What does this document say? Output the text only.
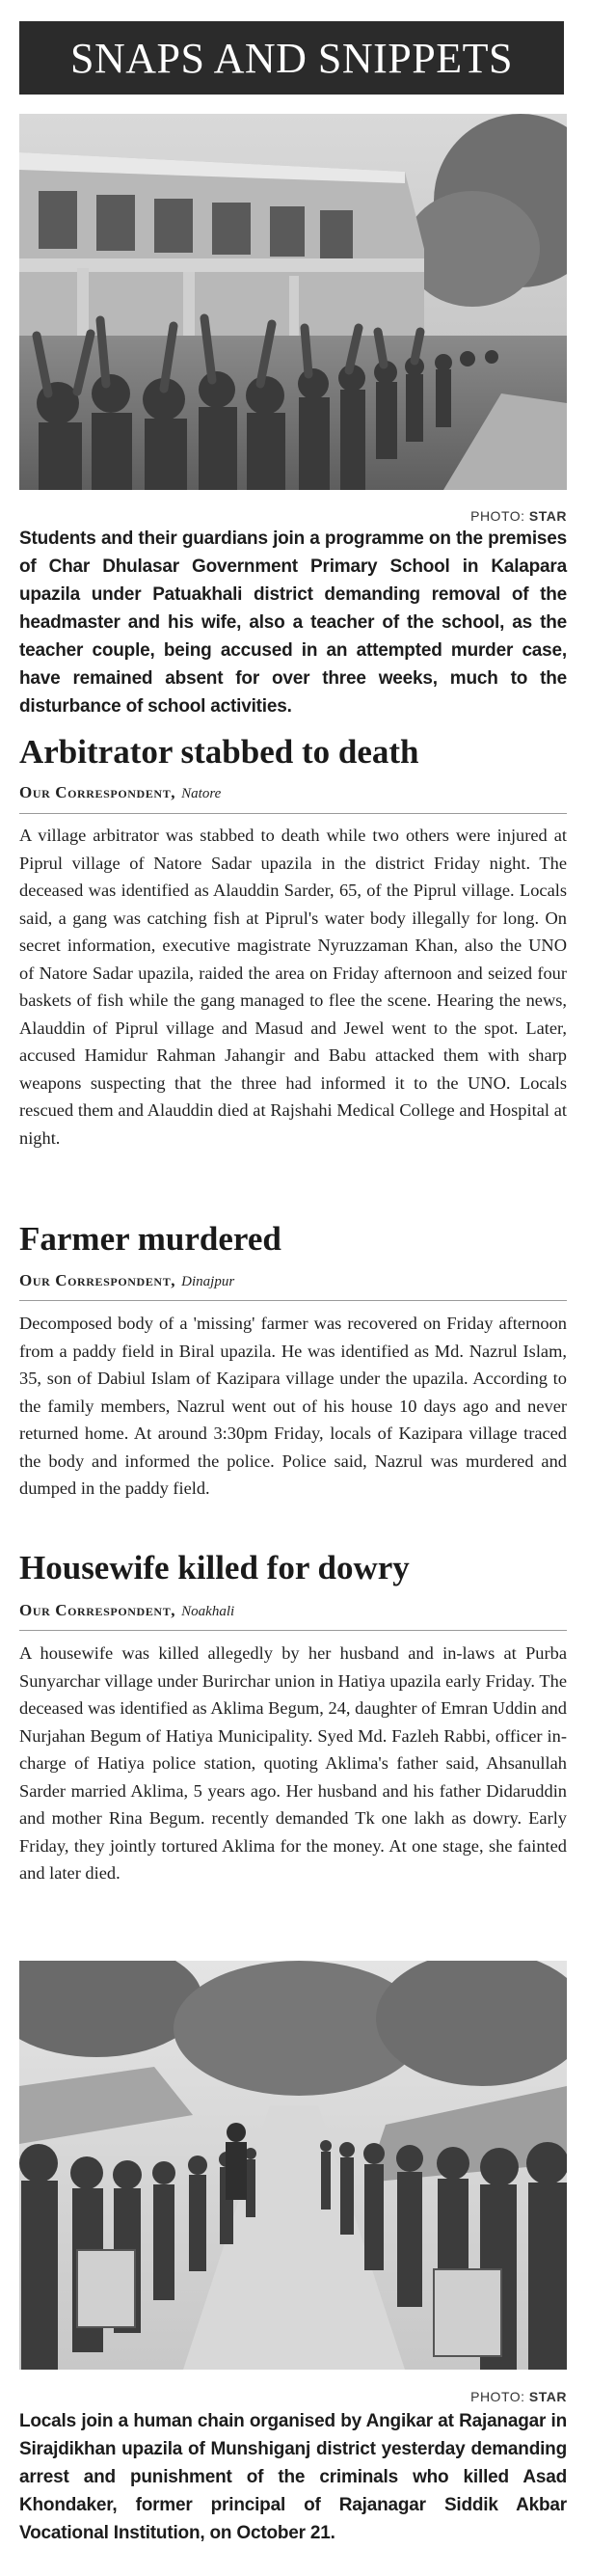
SNAPS AND SNIPPETS
PHOTO: STAR
Students and their guardians join a programme on the premises of Char Dhulasar Government Primary School in Kalapara upazila under Patuakhali district demanding removal of the headmaster and his wife, also a teacher of the school, as the teacher couple, being accused in an attempted murder case, have remained absent for over three weeks, much to the disturbance of school activities.
Arbitrator stabbed to death
Our Correspondent, Natore
A village arbitrator was stabbed to death while two others were injured at Piprul village of Natore Sadar upazila in the district Friday night. The deceased was identified as Alauddin Sarder, 65, of the Piprul village. Locals said, a gang was catching fish at Piprul's water body illegally for long. On secret information, executive magistrate Nyruzzaman Khan, also the UNO of Natore Sadar upazila, raided the area on Friday afternoon and seized four baskets of fish while the gang managed to flee the scene. Hearing the news, Alauddin of Piprul village and Masud and Jewel went to the spot. Later, accused Hamidur Rahman Jahangir and Babu attacked them with sharp weapons suspecting that the three had informed it to the UNO. Locals rescued them and Alauddin died at Rajshahi Medical College and Hospital at night.
Farmer murdered
Our Correspondent, Dinajpur
Decomposed body of a 'missing' farmer was recovered on Friday afternoon from a paddy field in Biral upazila. He was identified as Md. Nazrul Islam, 35, son of Dabiul Islam of Kazipara village under the upazila. According to the family members, Nazrul went out of his house 10 days ago and never returned home. At around 3:30pm Friday, locals of Kazipara village traced the body and informed the police. Police said, Nazrul was murdered and dumped in the paddy field.
Housewife killed for dowry
Our Correspondent, Noakhali
A housewife was killed allegedly by her husband and in-laws at Purba Sunyarchar village under Burirchar union in Hatiya upazila early Friday. The deceased was identified as Aklima Begum, 24, daughter of Emran Uddin and Nurjahan Begum of Hatiya Municipality. Syed Md. Fazleh Rabbi, officer in-charge of Hatiya police station, quoting Aklima's father said, Ahsanullah Sarder married Aklima, 5 years ago. Her husband and his father Didaruddin and mother Rina Begum. recently demanded Tk one lakh as dowry. Early Friday, they jointly tortured Aklima for the money. At one stage, she fainted and later died.
PHOTO: STAR
Locals join a human chain organised by Angikar at Rajanagar in Sirajdikhan upazila of Munshiganj district yesterday demanding arrest and punishment of the criminals who killed Asad Khondaker, former principal of Rajanagar Siddik Akbar Vocational Institution, on October 21.
